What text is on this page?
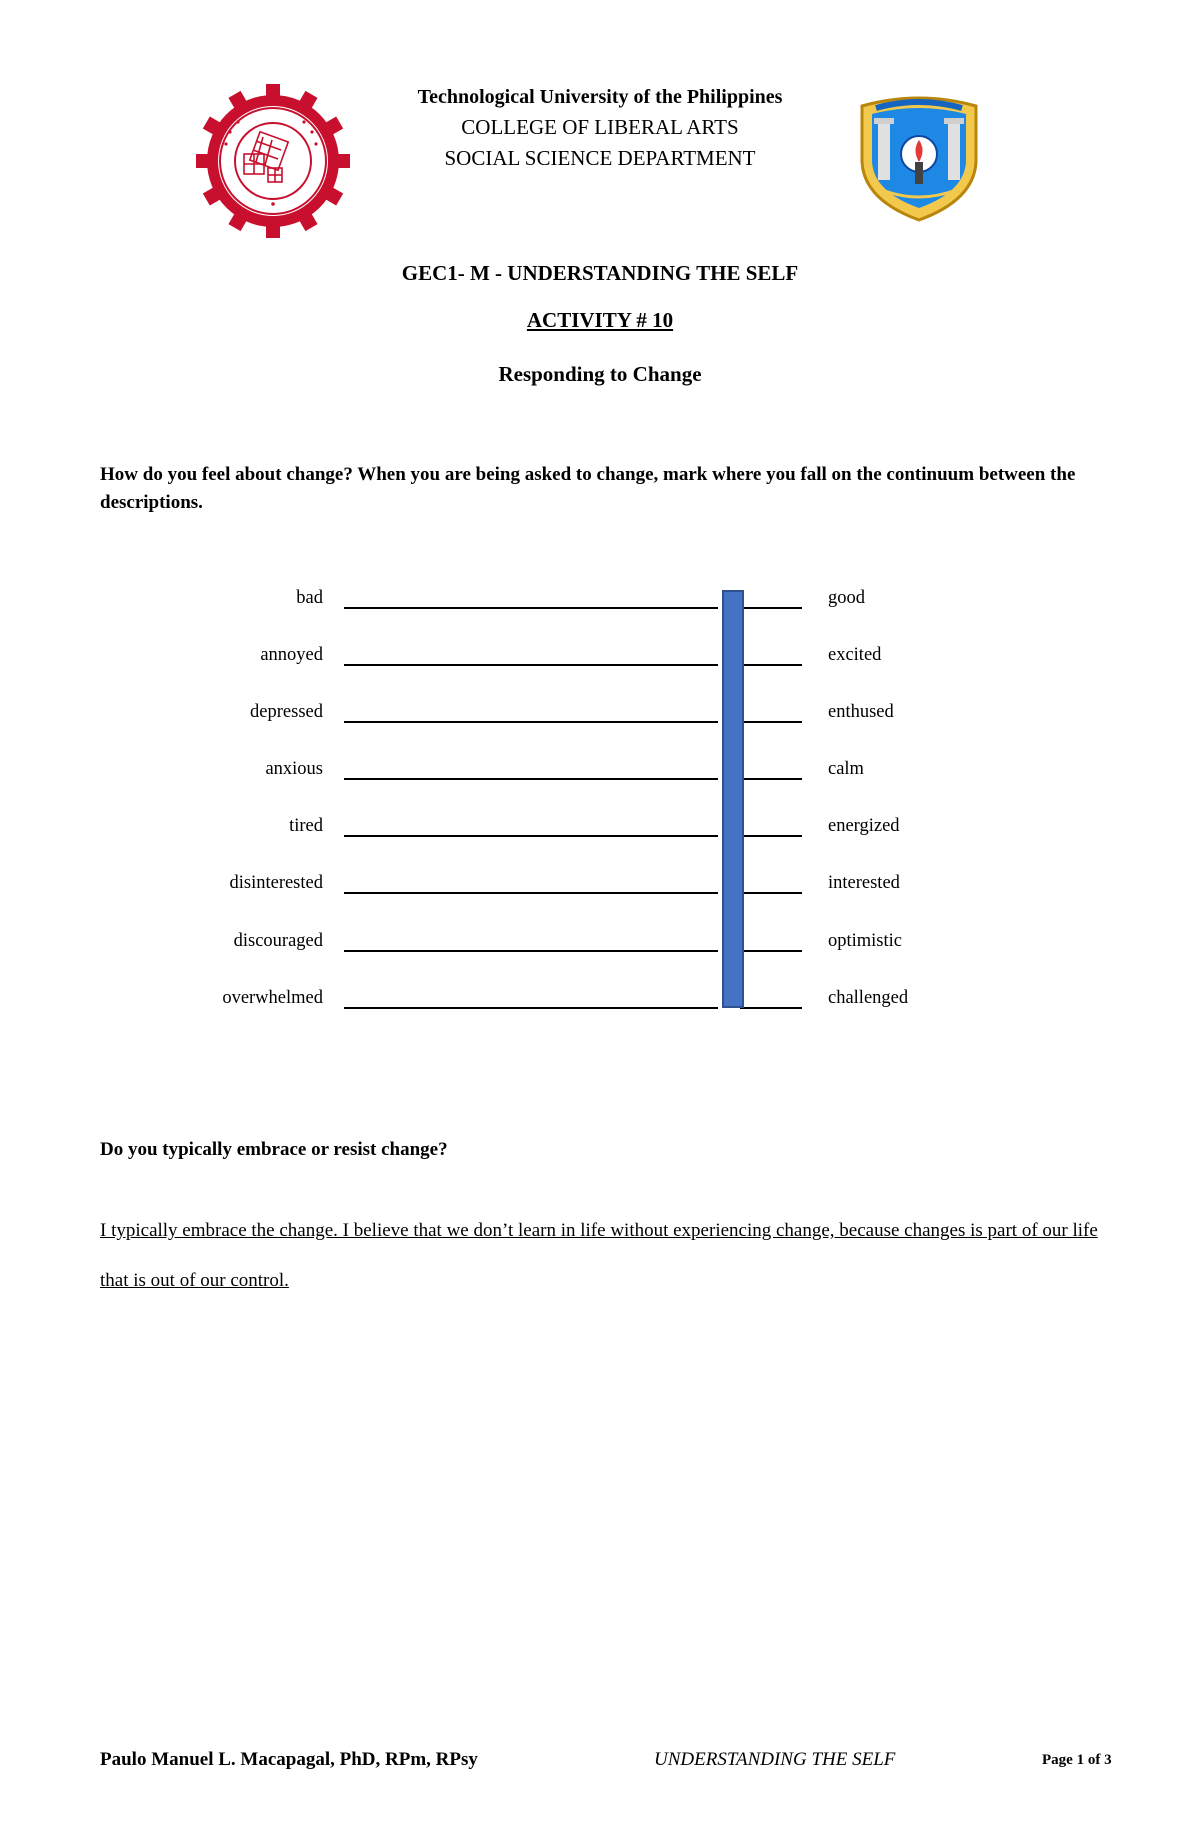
Technological University of the Philippines
COLLEGE OF LIBERAL ARTS
SOCIAL SCIENCE DEPARTMENT
GEC1- M - UNDERSTANDING THE SELF
ACTIVITY # 10
Responding to Change
How do you feel about change? When you are being asked to change, mark where you fall on the continuum between the descriptions.
bad	good
annoyed	excited
depressed	enthused
anxious	calm
tired	energized
disinterested	interested
discouraged	optimistic
overwhelmed	challenged
Do you typically embrace or resist change?
I typically embrace the change. I believe that we don’t learn in life without experiencing change, because changes is part of our life that is out of our control.
Paulo Manuel L. Macapagal, PhD, RPm, RPsy	UNDERSTANDING THE SELF	Page 1 of 3
